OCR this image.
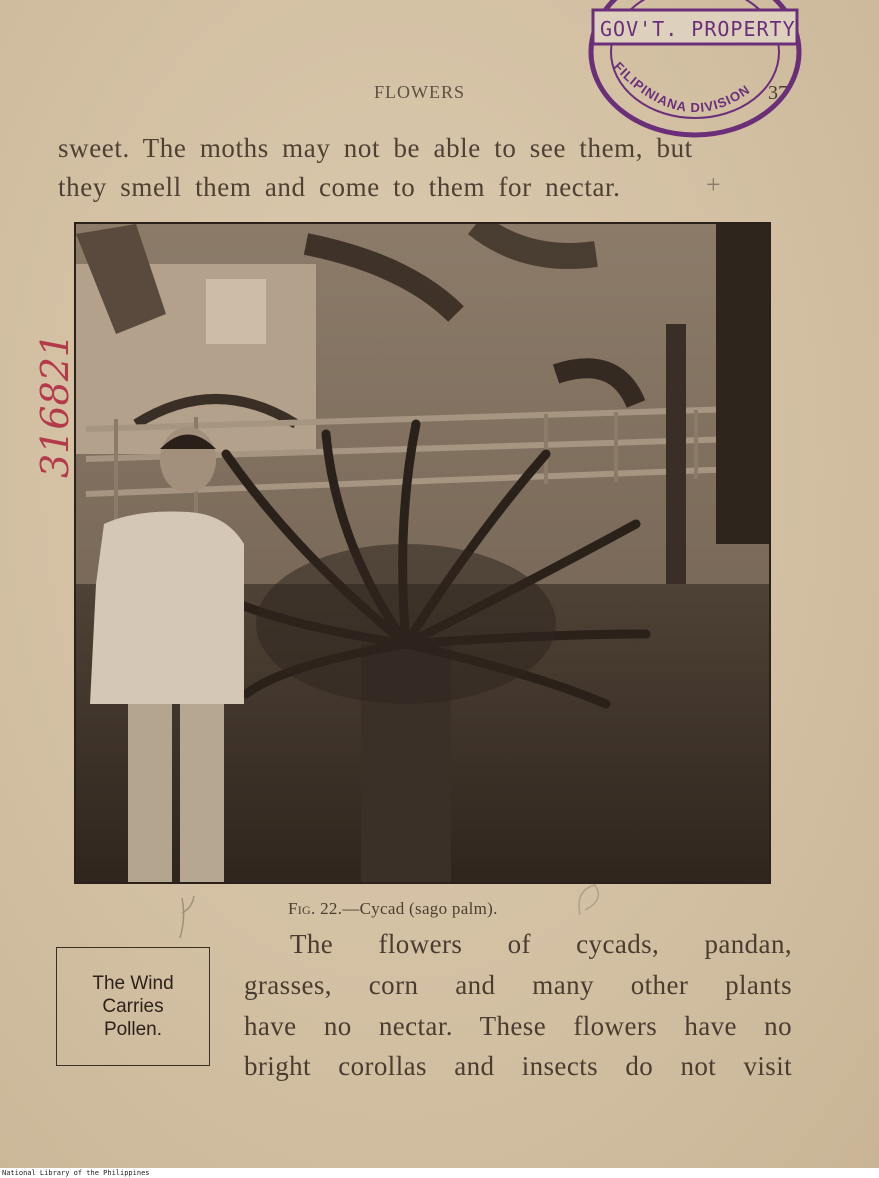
FLOWERS	37
sweet. The moths may not be able to see them, but
they smell them and come to them for nectar.	+
Fig. 22.—Cycad (sago palm).
The Wind
Carries
Pollen.
The flowers of cycads, pandan,
grasses, corn and many other plants
have no nectar. These flowers have no
bright corollas and insects do not visit
GOV'T. PROPERTY
FILIPINIANA DIVISION
316821
National Library of the Philippines
